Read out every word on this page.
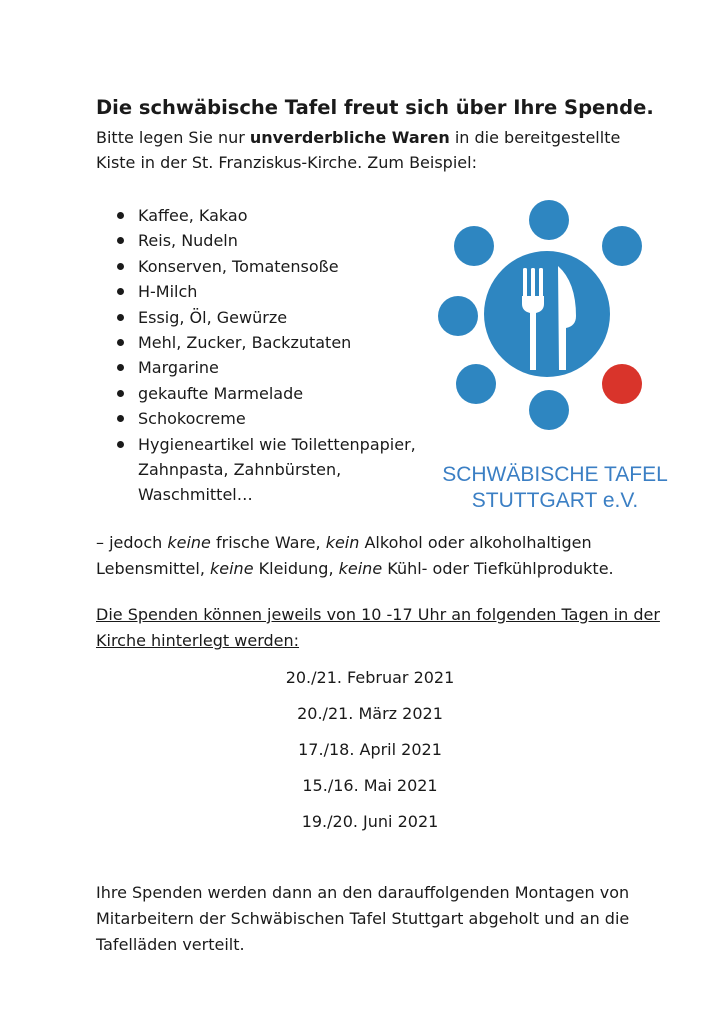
Die schwäbische Tafel freut sich über Ihre Spende.

Bitte legen Sie nur unverderbliche Waren in die bereitgestellte Kiste in der St. Franziskus-Kirche. Zum Beispiel:

Kaffee, Kakao
Reis, Nudeln
Konserven, Tomatensoße
H-Milch
Essig, Öl, Gewürze
Mehl, Zucker, Backzutaten
Margarine
gekaufte Marmelade
Schokocreme
Hygieneartikel wie Toilettenpapier, Zahnpasta, Zahnbürsten, Waschmittel…
SCHWÄBISCHE TAFEL
STUTTGART e.V.

– jedoch keine frische Ware, kein Alkohol oder alkoholhaltigen Lebensmittel, keine Kleidung, keine Kühl- oder Tiefkühlprodukte.

Die Spenden können jeweils von 10 -17 Uhr an folgenden Tagen in der Kirche hinterlegt werden:

20./21. Februar 2021
20./21. März 2021
17./18. April 2021
15./16. Mai 2021
19./20. Juni 2021

Ihre Spenden werden dann an den darauffolgenden Montagen von Mitarbeitern der Schwäbischen Tafel Stuttgart abgeholt und an die Tafelläden verteilt.
